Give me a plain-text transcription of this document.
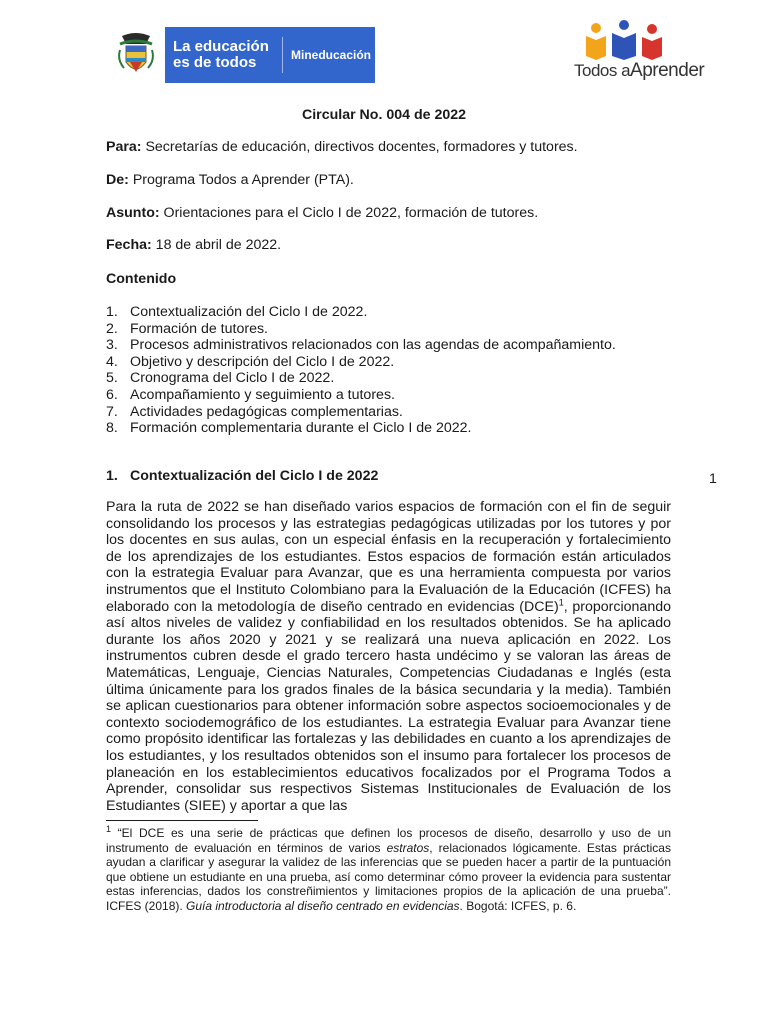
La educación
es de todos	Mineducación
Todos aAprender
Circular No. 004 de 2022
Para: Secretarías de educación, directivos docentes, formadores y tutores.
De: Programa Todos a Aprender (PTA).
Asunto: Orientaciones para el Ciclo I de 2022, formación de tutores.
Fecha: 18 de abril de 2022.
Contenido
1. Contextualización del Ciclo I de 2022.
2. Formación de tutores.
3. Procesos administrativos relacionados con las agendas de acompañamiento.
4. Objetivo y descripción del Ciclo I de 2022.
5. Cronograma del Ciclo I de 2022.
6. Acompañamiento y seguimiento a tutores.
7. Actividades pedagógicas complementarias.
8. Formación complementaria durante el Ciclo I de 2022.
1. Contextualización del Ciclo I de 2022	1
Para la ruta de 2022 se han diseñado varios espacios de formación con el fin de seguir consolidando los procesos y las estrategias pedagógicas utilizadas por los tutores y por los docentes en sus aulas, con un especial énfasis en la recuperación y fortalecimiento de los aprendizajes de los estudiantes. Estos espacios de formación están articulados con la estrategia Evaluar para Avanzar, que es una herramienta compuesta por varios instrumentos que el Instituto Colombiano para la Evaluación de la Educación (ICFES) ha elaborado con la metodología de diseño centrado en evidencias (DCE)$^1$, proporcionando así altos niveles de validez y confiabilidad en los resultados obtenidos. Se ha aplicado durante los años 2020 y 2021 y se realizará una nueva aplicación en 2022. Los instrumentos cubren desde el grado tercero hasta undécimo y se valoran las áreas de Matemáticas, Lenguaje, Ciencias Naturales, Competencias Ciudadanas e Inglés (esta última únicamente para los grados finales de la básica secundaria y la media). También se aplican cuestionarios para obtener información sobre aspectos socioemocionales y de contexto sociodemográfico de los estudiantes. La estrategia Evaluar para Avanzar tiene como propósito identificar las fortalezas y las debilidades en cuanto a los aprendizajes de los estudiantes, y los resultados obtenidos son el insumo para fortalecer los procesos de planeación en los establecimientos educativos focalizados por el Programa Todos a Aprender, consolidar sus respectivos Sistemas Institucionales de Evaluación de los Estudiantes (SIEE) y aportar a que las
$^1$ “El DCE es una serie de prácticas que definen los procesos de diseño, desarrollo y uso de un instrumento de evaluación en términos de varios estratos, relacionados lógicamente. Estas prácticas ayudan a clarificar y asegurar la validez de las inferencias que se pueden hacer a partir de la puntuación que obtiene un estudiante en una prueba, así como determinar cómo proveer la evidencia para sustentar estas inferencias, dados los constreñimientos y limitaciones propios de la aplicación de una prueba”. ICFES (2018). Guía introductoria al diseño centrado en evidencias. Bogotá: ICFES, p. 6.
